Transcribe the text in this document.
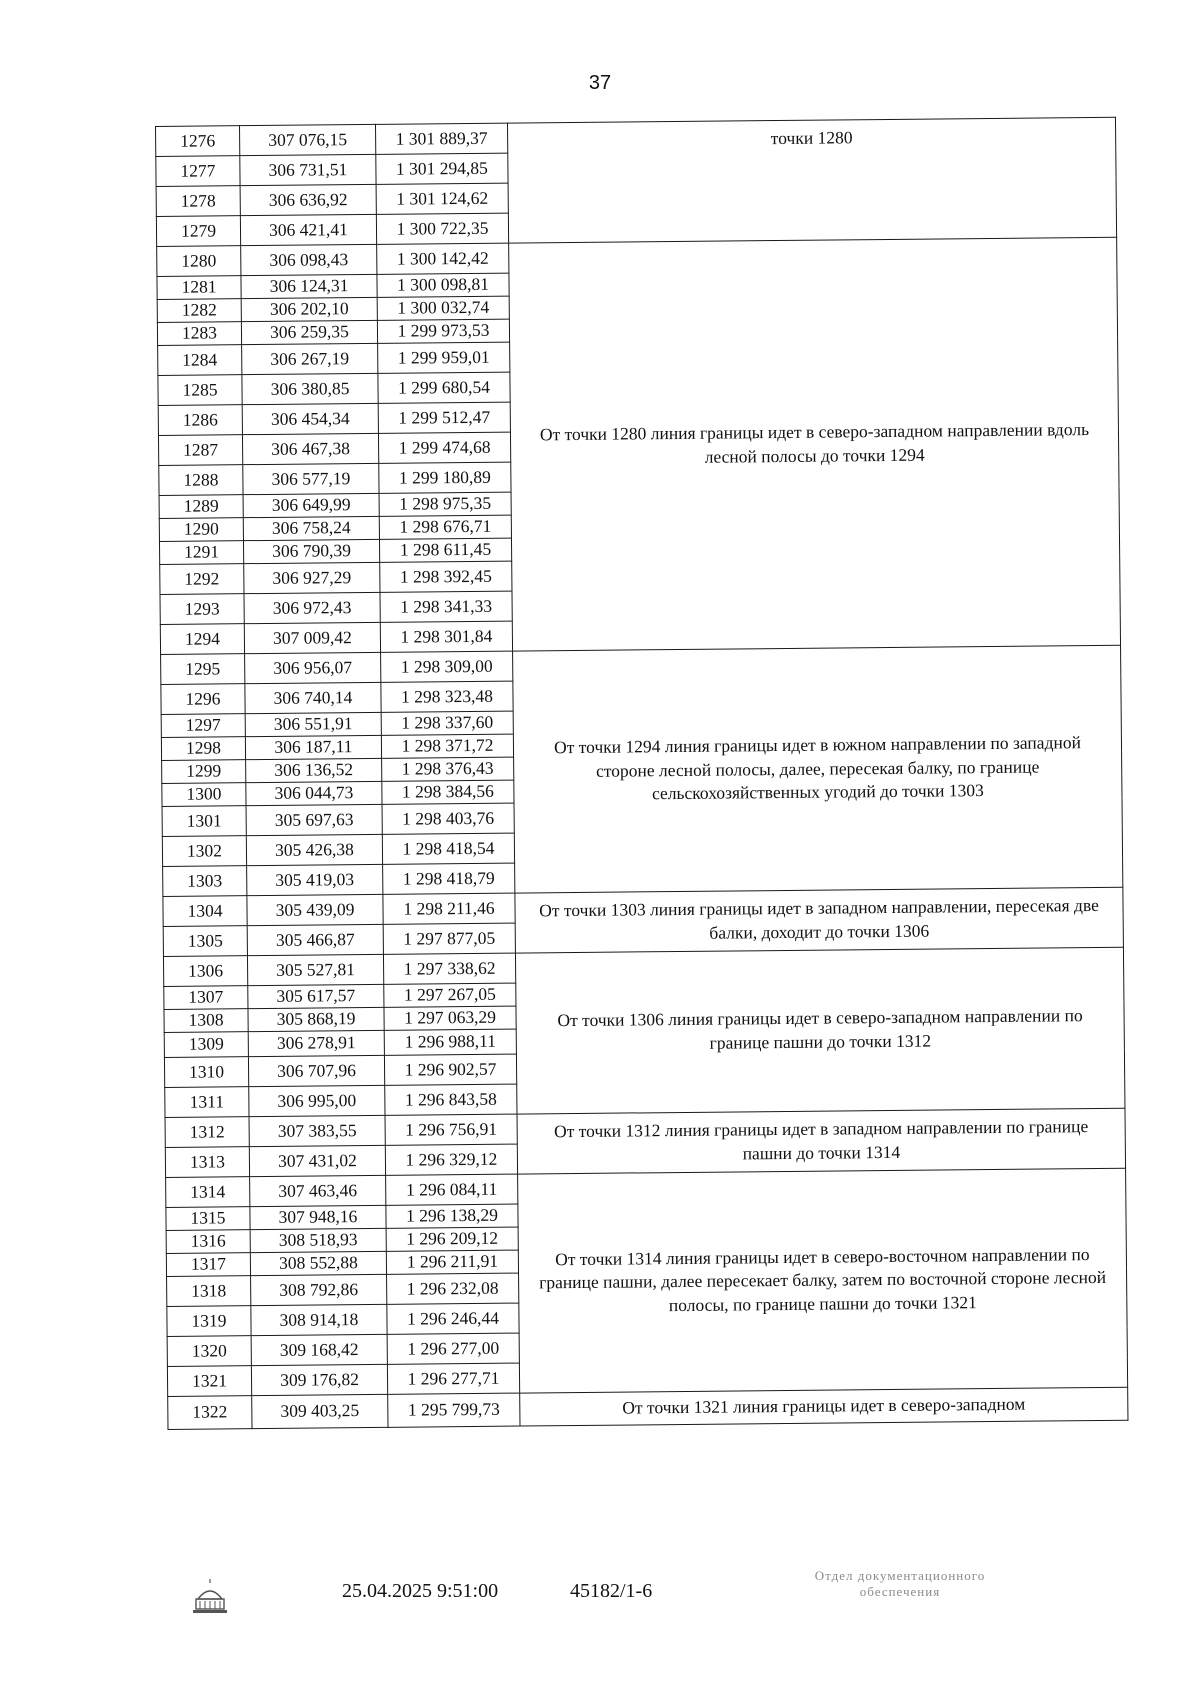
37
1276	307 076,15	1 301 889,37	точки 1280
1277	306 731,51	1 301 294,85	
1278	306 636,92	1 301 124,62	
1279	306 421,41	1 300 722,35	
1280	306 098,43	1 300 142,42	От точки 1280 линия границы идет в северо-западном направлении вдоль лесной полосы до точки 1294
1281	306 124,31	1 300 098,81	
1282	306 202,10	1 300 032,74	
1283	306 259,35	1 299 973,53	
1284	306 267,19	1 299 959,01	
1285	306 380,85	1 299 680,54	
1286	306 454,34	1 299 512,47	
1287	306 467,38	1 299 474,68	
1288	306 577,19	1 299 180,89	
1289	306 649,99	1 298 975,35	
1290	306 758,24	1 298 676,71	
1291	306 790,39	1 298 611,45	
1292	306 927,29	1 298 392,45	
1293	306 972,43	1 298 341,33	
1294	307 009,42	1 298 301,84	
1295	306 956,07	1 298 309,00	От точки 1294 линия границы идет в южном направлении по западной стороне лесной полосы, далее, пересекая балку, по границе сельскохозяйственных угодий до точки 1303
1296	306 740,14	1 298 323,48	
1297	306 551,91	1 298 337,60	
1298	306 187,11	1 298 371,72	
1299	306 136,52	1 298 376,43	
1300	306 044,73	1 298 384,56	
1301	305 697,63	1 298 403,76	
1302	305 426,38	1 298 418,54	
1303	305 419,03	1 298 418,79	
1304	305 439,09	1 298 211,46	От точки 1303 линия границы идет в западном направлении, пересекая две балки, доходит до точки 1306
1305	305 466,87	1 297 877,05	
1306	305 527,81	1 297 338,62	От точки 1306 линия границы идет в северо-западном направлении по границе пашни до точки 1312
1307	305 617,57	1 297 267,05	
1308	305 868,19	1 297 063,29	
1309	306 278,91	1 296 988,11	
1310	306 707,96	1 296 902,57	
1311	306 995,00	1 296 843,58	
1312	307 383,55	1 296 756,91	От точки 1312 линия границы идет в западном направлении по границе пашни до точки 1314
1313	307 431,02	1 296 329,12	
1314	307 463,46	1 296 084,11	От точки 1314 линия границы идет в северо-восточном направлении по границе пашни, далее пересекает балку, затем по восточной стороне лесной полосы, по границе пашни до точки 1321
1315	307 948,16	1 296 138,29	
1316	308 518,93	1 296 209,12	
1317	308 552,88	1 296 211,91	
1318	308 792,86	1 296 232,08	
1319	308 914,18	1 296 246,44	
1320	309 168,42	1 296 277,00	
1321	309 176,82	1 296 277,71	
1322	309 403,25	1 295 799,73	От точки 1321 линия границы идет в северо-западном
25.04.2025 9:51:00	45182/1-6
Отдел документационного
обеспечения
